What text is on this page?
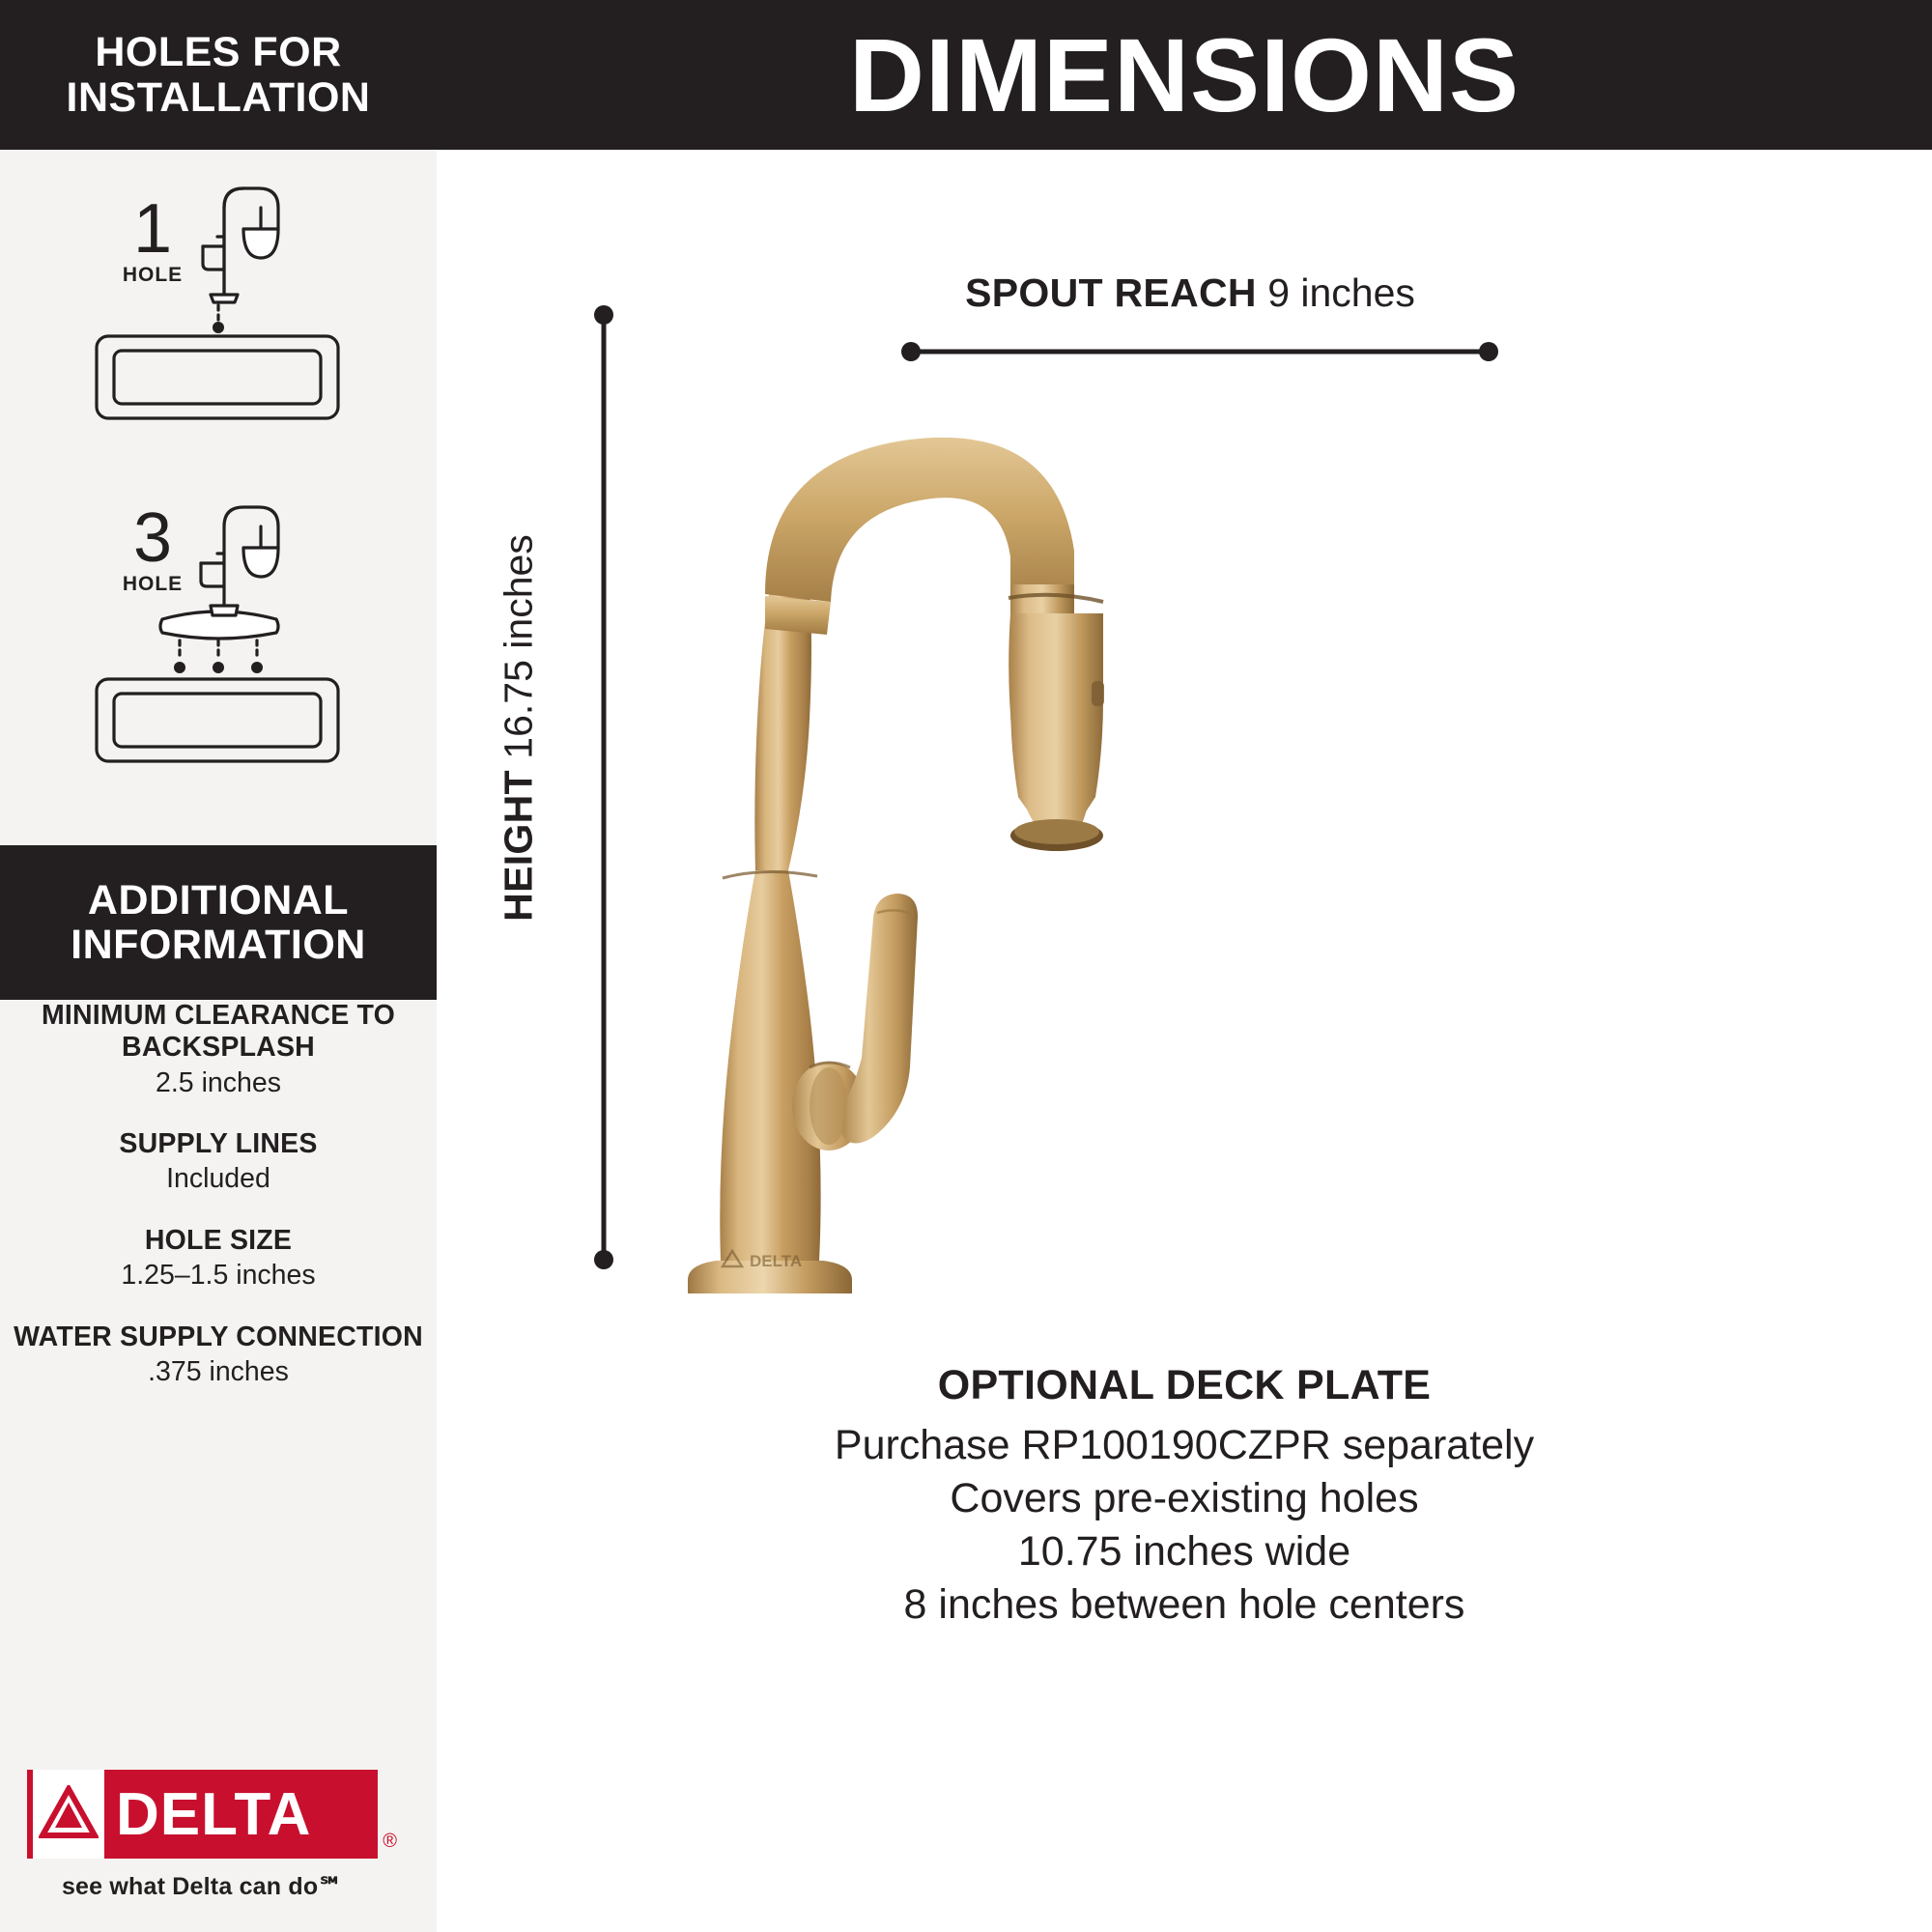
HOLES FOR
INSTALLATION
1
HOLE
3
HOLE
ADDITIONAL
INFORMATION
MINIMUM CLEARANCE TO BACKSPLASH
2.5 inches
SUPPLY LINES
Included
HOLE SIZE
1.25–1.5 inches
WATER SUPPLY CONNECTION
.375 inches
DELTA	®
see what Delta can do℠
DIMENSIONS
SPOUT REACH 9 inches
HEIGHT 16.75 inches
DELTA
OPTIONAL DECK PLATE
Purchase RP100190CZPR separately
Covers pre-existing holes
10.75 inches wide
8 inches between hole centers
